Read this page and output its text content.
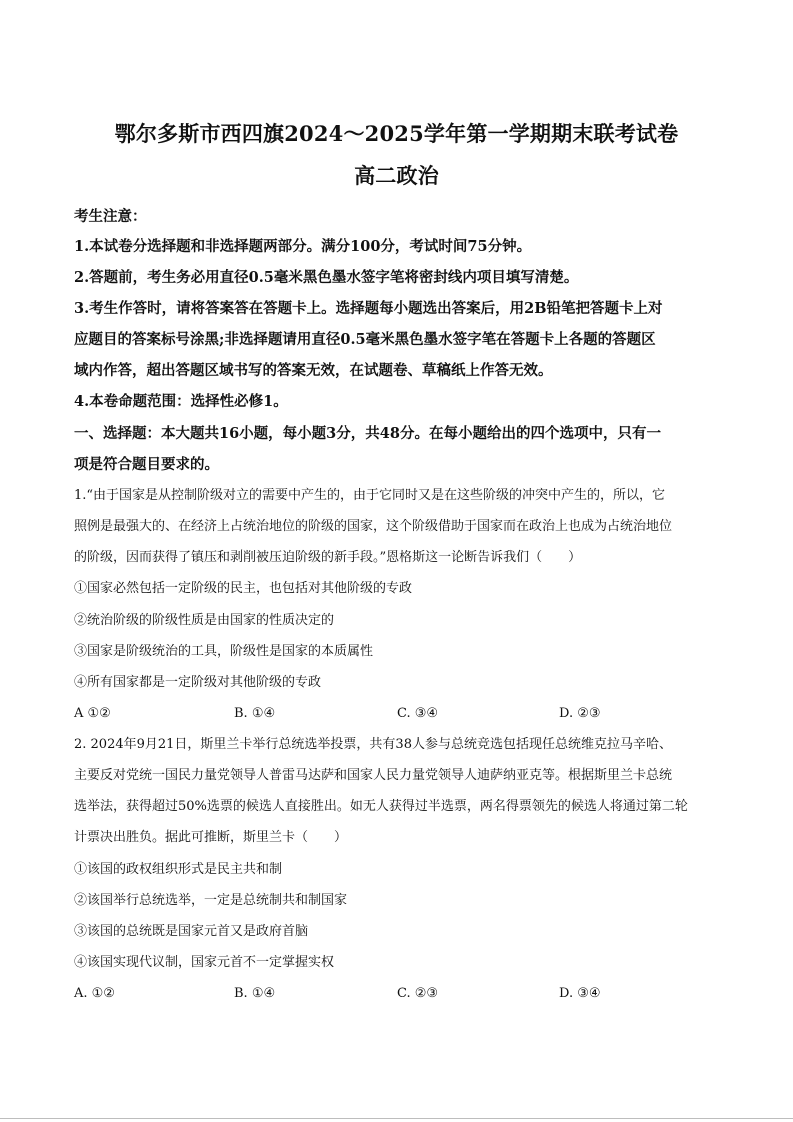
鄂尔多斯市西四旗2024～2025学年第一学期期末联考试卷
高二政治
考生注意：
1.本试卷分选择题和非选择题两部分。满分100分，考试时间75分钟。
2.答题前，考生务必用直径0.5毫米黑色墨水签字笔将密封线内项目填写清楚。
3.考生作答时，请将答案答在答题卡上。选择题每小题选出答案后，用2B铅笔把答题卡上对
应题目的答案标号涂黑;非选择题请用直径0.5毫米黑色墨水签字笔在答题卡上各题的答题区
域内作答，超出答题区域书写的答案无效，在试题卷、草稿纸上作答无效。
4.本卷命题范围：选择性必修1。
一、选择题：本大题共16小题，每小题3分，共48分。在每小题给出的四个选项中，只有一
项是符合题目要求的。
1.“由于国家是从控制阶级对立的需要中产生的，由于它同时又是在这些阶级的冲突中产生的，所以，它
照例是最强大的、在经济上占统治地位的阶级的国家，这个阶级借助于国家而在政治上也成为占统治地位
的阶级，因而获得了镇压和剥削被压迫阶级的新手段。”恩格斯这一论断告诉我们（　　）
①国家必然包括一定阶级的民主，也包括对其他阶级的专政
②统治阶级的阶级性质是由国家的性质决定的
③国家是阶级统治的工具，阶级性是国家的本质属性
④所有国家都是一定阶级对其他阶级的专政
A ①②	B. ①④	C. ③④	D. ②③
2. 2024年9月21日，斯里兰卡举行总统选举投票，共有38人参与总统竞选包括现任总统维克拉马辛哈、
主要反对党统一国民力量党领导人普雷马达萨和国家人民力量党领导人迪萨纳亚克等。根据斯里兰卡总统
选举法，获得超过50%选票的候选人直接胜出。如无人获得过半选票，两名得票领先的候选人将通过第二轮
计票决出胜负。据此可推断，斯里兰卡（　　）
①该国的政权组织形式是民主共和制
②该国举行总统选举，一定是总统制共和制国家
③该国的总统既是国家元首又是政府首脑
④该国实现代议制，国家元首不一定掌握实权
A. ①②	B. ①④	C. ②③	D. ③④
